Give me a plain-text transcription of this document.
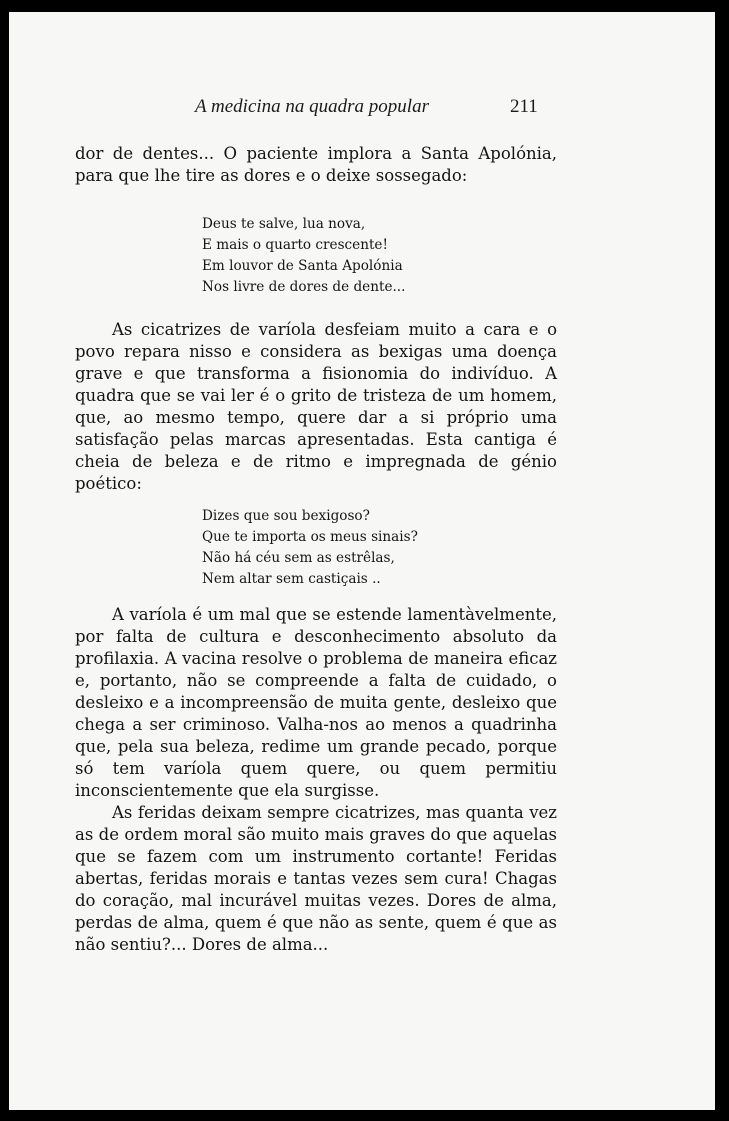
A medicina na quadra popular	211

dor de dentes... O paciente implora a Santa Apolónia, para que lhe tire as dores e o deixe sossegado:

Deus te salve, lua nova,
E mais o quarto crescente!
Em louvor de Santa Apolónia
Nos livre de dores de dente...

As cicatrizes de varíola desfeiam muito a cara e o povo repara nisso e considera as bexigas uma doença grave e que transforma a fisionomia do indivíduo. A quadra que se vai ler é o grito de tristeza de um homem, que, ao mesmo tempo, quere dar a si próprio uma satisfação pelas marcas apresentadas. Esta cantiga é cheia de beleza e de ritmo e impregnada de génio poético:

Dizes que sou bexigoso?
Que te importa os meus sinais?
Não há céu sem as estrêlas,
Nem altar sem castiçais ..

A varíola é um mal que se estende lamentàvelmente, por falta de cultura e desconhecimento absoluto da profilaxia. A vacina resolve o problema de maneira eficaz e, portanto, não se compreende a falta de cuidado, o desleixo e a incompreensão de muita gente, desleixo que chega a ser criminoso. Valha-nos ao menos a quadrinha que, pela sua beleza, redime um grande pecado, porque só tem varíola quem quere, ou quem permitiu inconscientemente que ela surgisse.

As feridas deixam sempre cicatrizes, mas quanta vez as de ordem moral são muito mais graves do que aquelas que se fazem com um instrumento cortante! Feridas abertas, feridas morais e tantas vezes sem cura! Chagas do coração, mal incurável muitas vezes. Dores de alma, perdas de alma, quem é que não as sente, quem é que as não sentiu?... Dores de alma...
